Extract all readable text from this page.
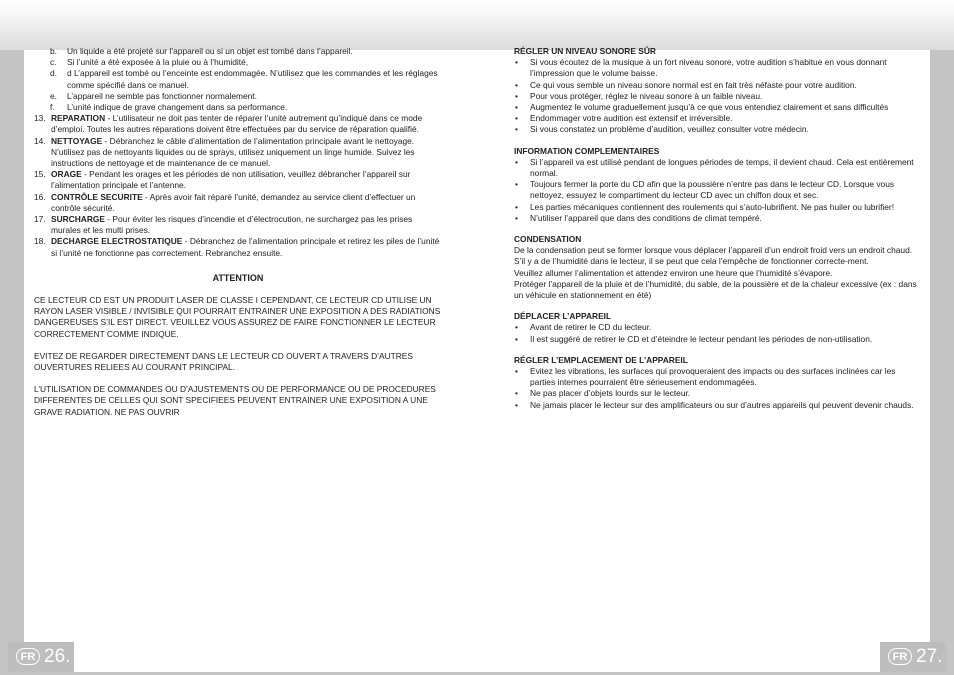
b. Un liquide a été projeté sur l’appareil ou si un objet est tombé dans l’appareil.
c. Si l’unité a été exposée à la pluie ou à l’humidité,
d. d L’appareil est tombé ou l’enceinte est endommagée. N’utilisez que les commandes et les réglages comme spécifié dans ce manuel.
e. L’appareil ne semble pas fonctionner normalement.
f. L’unité indique de grave changement dans sa performance.
13. REPARATION - L’utilisateur ne doit pas tenter de réparer l’unité autrement qu’indiqué dans ce mode d’emploi. Toutes les autres réparations doivent être effectuées par du service de réparation qualifié.
14. NETTOYAGE - Débranchez le câble d’alimentation de l’alimentation principale avant le nettoyage. N’utilisez pas de nettoyants liquides ou de sprays, utilisez uniquement un linge humide. Suivez les instructions de nettoyage et de maintenance de ce manuel.
15. ORAGE - Pendant les orages et les périodes de non utilisation, veuillez débrancher l’appareil sur l’alimentation principale et l’antenne.
16. CONTRÔLE SECURITE - Après avoir fait réparé l’unité, demandez au service client d’effectuer un contrôle sécurité.
17. SURCHARGE - Pour éviter les risques d’incendie et d’électrocution, ne surchargez pas les prises murales et les multi prises.
18. DECHARGE ELECTROSTATIQUE - Débranchez de l’alimentation principale et retirez les piles de l’unité si l’unité ne fonctionne pas correctement. Rebranchez ensuite.
ATTENTION
CE LECTEUR CD EST UN PRODUIT LASER DE CLASSE I CEPENDANT, CE LECTEUR CD UTILISE UN RAYON LASER VISIBLE / INVISIBLE QUI POURRAIT ENTRAINER UNE EXPOSITION A DES RADIATIONS DANGEREUSES S’IL EST DIRECT. VEUILLEZ VOUS ASSUREZ DE FAIRE FONCTIONNER LE LECTEUR CORRECTEMENT COMME INDIQUE.
EVITEZ DE REGARDER DIRECTEMENT DANS LE LECTEUR CD OUVERT A TRAVERS D’AUTRES OUVERTURES RELIEES AU COURANT PRINCIPAL.
L’UTILISATION DE COMMANDES OU D’AJUSTEMENTS OU DE PERFORMANCE OU DE PROCEDURES DIFFERENTES DE CELLES QUI SONT SPECIFIEES PEUVENT ENTRAINER UNE EXPOSITION A UNE GRAVE RADIATION. NE PAS OUVRIR
RÉGLER UN NIVEAU SONORE SÛR
• Si vous écoutez de la musique à un fort niveau sonore, votre audition s’habitue en vous donnant l’impression que le volume baisse.
• Ce qui vous semble un niveau sonore normal est en fait très néfaste pour votre audition.
• Pour vous protéger, réglez le niveau sonore à un faible niveau.
• Augmentez le volume graduellement jusqu’à ce que vous entendiez clairement et sans difficultés
• Endommager votre audition est extensif et irréversible.
• Si vous constatez un problème d’audition, veuillez consulter votre médecin.
INFORMATION COMPLEMENTAIRES
• Si l’appareil va est utilisé pendant de longues périodes de temps, il devient chaud. Cela est entièrement normal.
• Toujours fermer la porte du CD afin que la poussière n’entre pas dans le lecteur CD. Lorsque vous nettoyez, essuyez le compartiment du lecteur CD avec un chiffon doux et sec.
• Les parties mécaniques contiennent des roulements qui s’auto-lubrifient. Ne pas huiler ou lubrifier!
• N’utiliser l’appareil que dans des conditions de climat tempéré.
CONDENSATION
De la condensation peut se former lorsque vous déplacer l’appareil d’un endroit froid vers un endroit chaud. S’il y a de l’humidité dans le lecteur, il se peut que cela l’empêche de fonctionner correcte-ment.
Veuillez allumer l’alimentation et attendez environ une heure que l’humidité s’évapore.
Protéger l’appareil de la pluie et de l’humidité, du sable, de la poussière et de la chaleur excessive (ex : dans un véhicule en stationnement en été)
DÉPLACER L’APPAREIL
• Avant de retirer le CD du lecteur.
• Il est suggéré de retirer le CD et d’éteindre le lecteur pendant les périodes de non-utilisation.
RÉGLER L’EMPLACEMENT DE L’APPAREIL
• Evitez les vibrations, les surfaces qui provoqueraient des impacts ou des surfaces inclinées car les parties internes pourraient être sérieusement endommagées.
• Ne pas placer d’objets lourds sur le lecteur.
• Ne jamais placer le lecteur sur des amplificateurs ou sur d’autres appareils qui peuvent devenir chauds.
FR 26.	FR 27.
